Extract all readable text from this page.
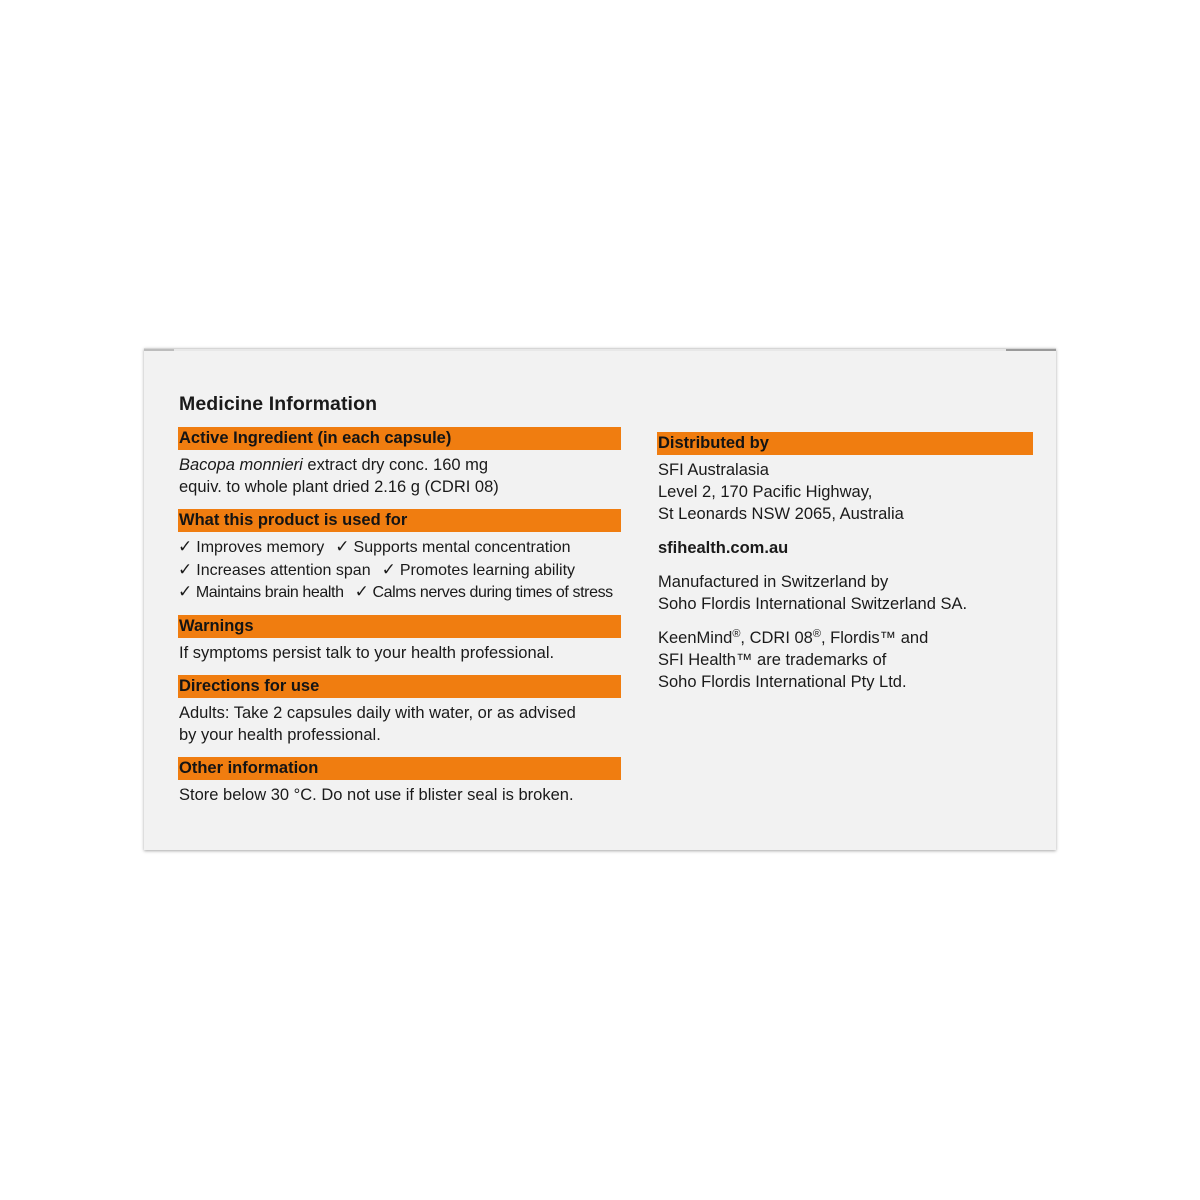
Medicine Information
Active Ingredient (in each capsule)
Bacopa monnieri extract dry conc. 160 mg
equiv. to whole plant dried 2.16 g (CDRI 08)
What this product is used for
✓ Improves memory ✓ Supports mental concentration
✓ Increases attention span ✓ Promotes learning ability
✓ Maintains brain health ✓ Calms nerves during times of stress
Warnings
If symptoms persist talk to your health professional.
Directions for use
Adults: Take 2 capsules daily with water, or as advised
by your health professional.
Other information
Store below 30 °C. Do not use if blister seal is broken.
Distributed by
SFI Australasia
Level 2, 170 Pacific Highway,
St Leonards NSW 2065, Australia
sfihealth.com.au
Manufactured in Switzerland by
Soho Flordis International Switzerland SA.
KeenMind®, CDRI 08®, Flordis™ and
SFI Health™ are trademarks of
Soho Flordis International Pty Ltd.
